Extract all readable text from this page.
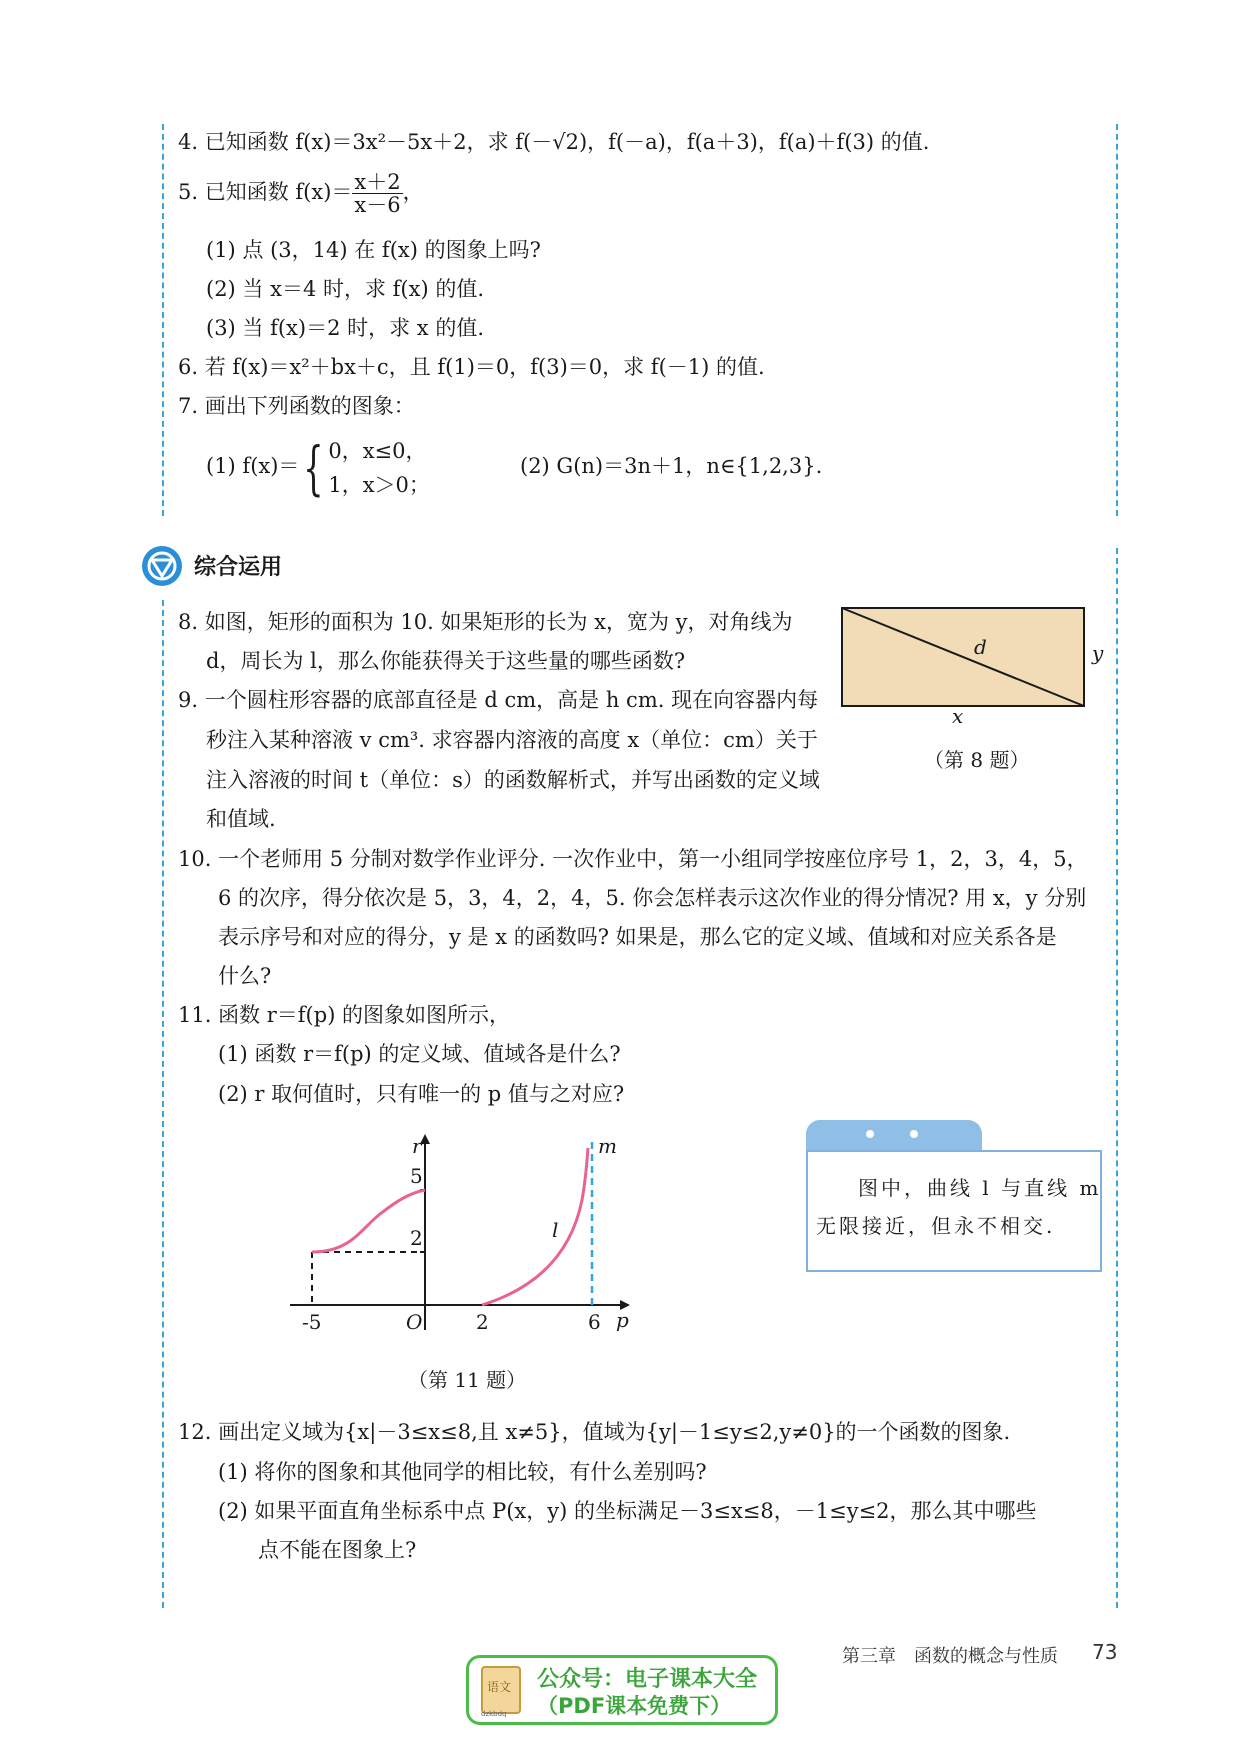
4. 已知函数 f(x)＝3x²－5x＋2，求 f(－√2)，f(－a)，f(a＋3)，f(a)＋f(3) 的值.
5. 已知函数 $f(x)= \frac{x+2}{x-6}$ ，
(1) 点 (3，14) 在 f(x) 的图象上吗?
(2) 当 x＝4 时，求 f(x) 的值.
(3) 当 f(x)＝2 时，求 x 的值.
6. 若 f(x)＝x²＋bx＋c，且 f(1)＝0，f(3)＝0，求 f(－1) 的值.
7. 画出下列函数的图象：
(1) f(x)＝{ 0，x≤0，
1，x＞0；
(2) G(n)＝3n＋1，n∈{1,2,3}.
综合运用
8. 如图，矩形的面积为 10. 如果矩形的长为 x，宽为 y，对角线为
d，周长为 l，那么你能获得关于这些量的哪些函数?
d	y
x
（第 8 题）
9. 一个圆柱形容器的底部直径是 d cm，高是 h cm. 现在向容器内每
秒注入某种溶液 v cm³. 求容器内溶液的高度 x（单位：cm）关于
注入溶液的时间 t（单位：s）的函数解析式，并写出函数的定义域
和值域.
10. 一个老师用 5 分制对数学作业评分. 一次作业中，第一小组同学按座位序号 1，2，3，4，5，
6 的次序，得分依次是 5，3，4，2，4，5. 你会怎样表示这次作业的得分情况? 用 x，y 分别
表示序号和对应的得分，y 是 x 的函数吗? 如果是，那么它的定义域、值域和对应关系各是
什么?
11. 函数 r＝f(p) 的图象如图所示，
(1) 函数 r＝f(p) 的定义域、值域各是什么?
(2) r 取何值时，只有唯一的 p 值与之对应?
r	m
5
2	l
-5	O	2	6 p
（第 11 题）
图中，曲线 l 与直线 m
无限接近，但永不相交.
12. 画出定义域为{x|－3≤x≤8,且 x≠5}，值域为{y|－1≤y≤2,y≠0}的一个函数的图象.
(1) 将你的图象和其他同学的相比较，有什么差别吗?
(2) 如果平面直角坐标系中点 P(x，y) 的坐标满足－3≤x≤8，－1≤y≤2，那么其中哪些
点不能在图象上?
第三章　函数的概念与性质 73
语文
dzkbdq
公众号：电子课本大全
（PDF课本免费下）
